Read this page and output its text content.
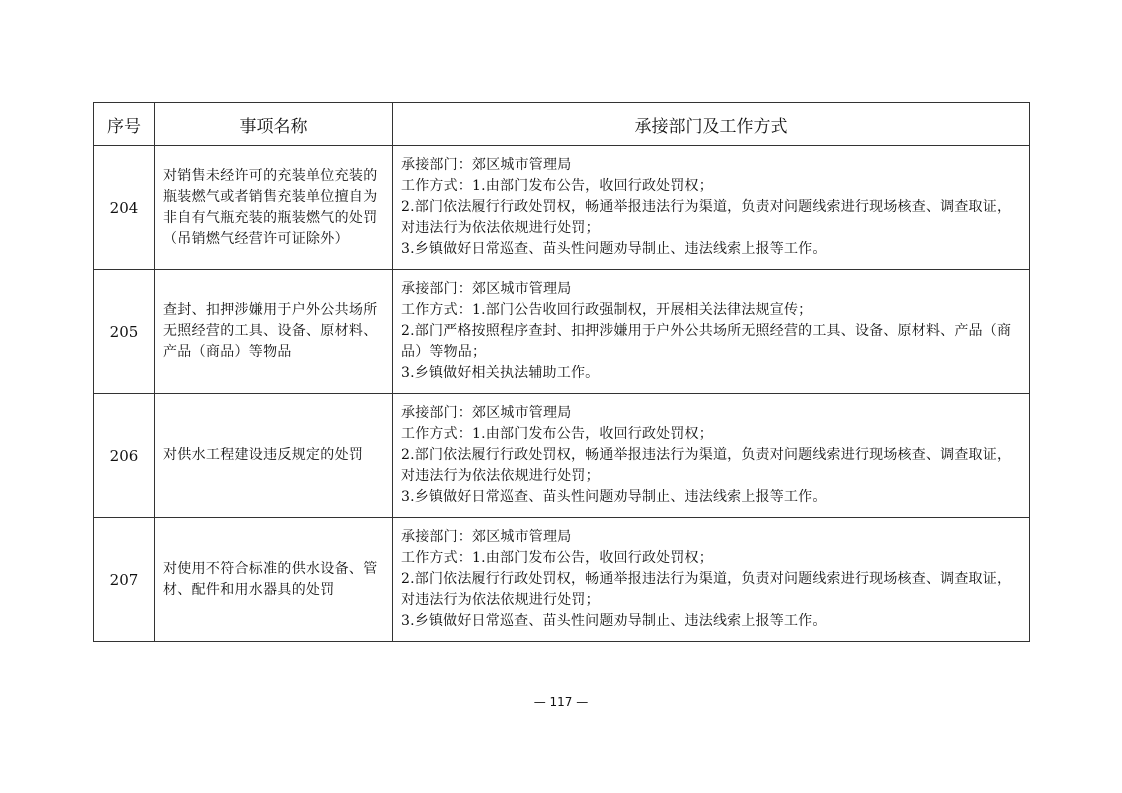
序号	事项名称	承接部门及工作方式
204	对销售未经许可的充装单位充装的瓶装燃气或者销售充装单位擅自为非自有气瓶充装的瓶装燃气的处罚（吊销燃气经营许可证除外）	承接部门：郊区城市管理局
工作方式：1.由部门发布公告，收回行政处罚权；
2.部门依法履行行政处罚权，畅通举报违法行为渠道，负责对问题线索进行现场核查、调查取证，对违法行为依法依规进行处罚；
3.乡镇做好日常巡查、苗头性问题劝导制止、违法线索上报等工作。

205	查封、扣押涉嫌用于户外公共场所无照经营的工具、设备、原材料、产品（商品）等物品	承接部门：郊区城市管理局
工作方式：1.部门公告收回行政强制权，开展相关法律法规宣传；
2.部门严格按照程序查封、扣押涉嫌用于户外公共场所无照经营的工具、设备、原材料、产品（商品）等物品；
3.乡镇做好相关执法辅助工作。

206	对供水工程建设违反规定的处罚	承接部门：郊区城市管理局
工作方式：1.由部门发布公告，收回行政处罚权；
2.部门依法履行行政处罚权，畅通举报违法行为渠道，负责对问题线索进行现场核查、调查取证，对违法行为依法依规进行处罚；
3.乡镇做好日常巡查、苗头性问题劝导制止、违法线索上报等工作。

207	对使用不符合标准的供水设备、管材、配件和用水器具的处罚	承接部门：郊区城市管理局
工作方式：1.由部门发布公告，收回行政处罚权；
2.部门依法履行行政处罚权，畅通举报违法行为渠道，负责对问题线索进行现场核查、调查取证，对违法行为依法依规进行处罚；
3.乡镇做好日常巡查、苗头性问题劝导制止、违法线索上报等工作。
— 117 —
